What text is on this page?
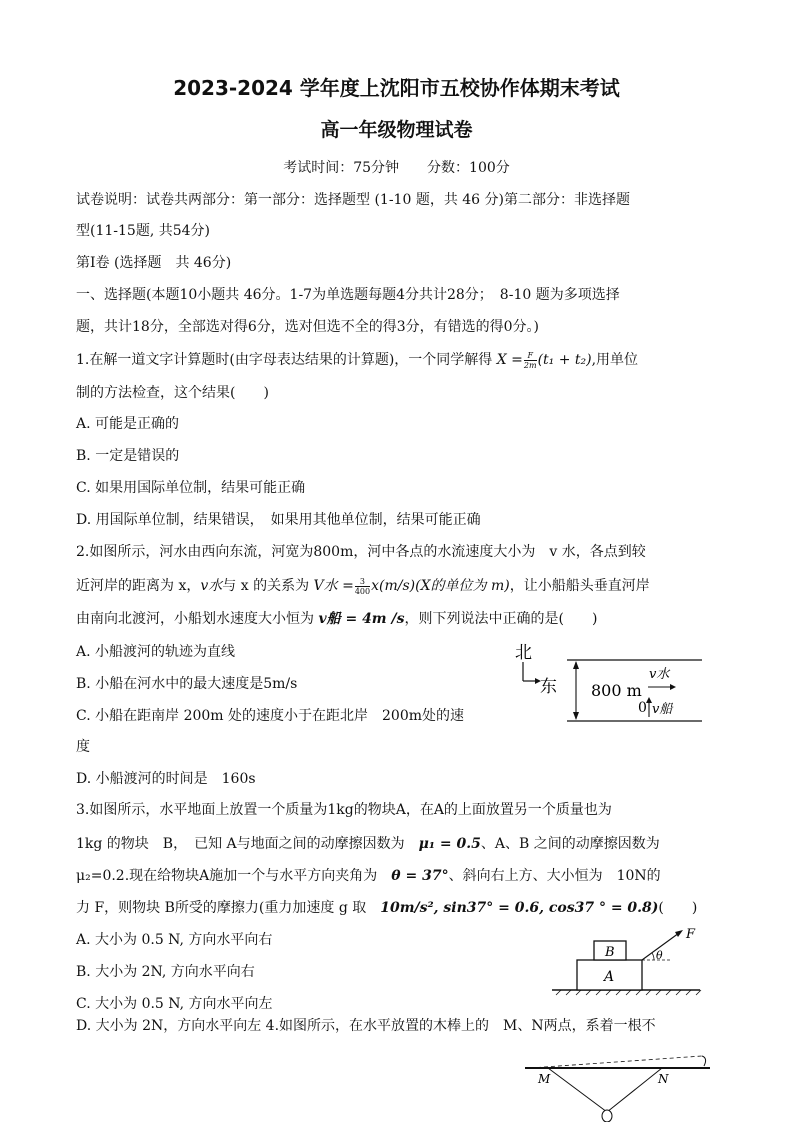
2023-2024 学年度上沈阳市五校协作体期末考试
高一年级物理试卷
考试时间：75分钟　　分数：100分
试卷说明：试卷共两部分：第一部分：选择题型 (1-10 题，共 46 分)第二部分：非选择题
型(11-15题, 共54分)
第Ⅰ卷 (选择题　共 46分)
一、选择题(本题10小题共 46分。1-7为单选题每题4分共计28分；　8-10 题为多项选择
题，共计18分，全部选对得6分，选对但选不全的得3分，有错选的得0分。)
1.在解一道文字计算题时(由字母表达结果的计算题)，一个同学解得 $X = \frac{F}{2m} (t_1 + t_2)$,用单位
制的方法检查，这个结果(　　)
A. 可能是正确的
B. 一定是错误的
C. 如果用国际单位制，结果可能正确
D. 用国际单位制，结果错误，　如果用其他单位制，结果可能正确
2.如图所示，河水由西向东流，河宽为800m，河中各点的水流速度大小为　v 水，各点到较
近河岸的距离为 x，v水与 x 的关系为 V水 = $\frac{3}{400} x(m/s)(X$的单位为 m)，让小船船头垂直河岸
由南向北渡河，小船划水速度大小恒为 v船 = 4m /s，则下列说法中正确的是(　　)
A. 小船渡河的轨迹为直线
B. 小船在河水中的最大速度是5m/s
C. 小船在距南岸 200m 处的速度小于在距北岸　200m处的速
度
D. 小船渡河的时间是　160s
北
东 800 m
v水
0 v船
3.如图所示，水平地面上放置一个质量为1kg的物块A，在A的上面放置另一个质量也为
1kg 的物块　B，　已知 A与地面之间的动摩擦因数为　μ₁ = 0.5、A、B 之间的动摩擦因数为
μ₂=0.2.现在给物块A施加一个与水平方向夹角为　θ = 37°、斜向右上方、大小恒为　10N的
力 F，则物块 B所受的摩擦力(重力加速度 g 取　10m/s², sin37° = 0.6, cos37 ° = 0.8)(　　)
A. 大小为 0.5 N, 方向水平向右
B. 大小为 2N, 方向水平向右
C. 大小为 0.5 N, 方向水平向左
A
B
F
θ
D. 大小为 2N，方向水平向左 4.如图所示，在水平放置的木棒上的　M、N两点，系着一根不
M	N
